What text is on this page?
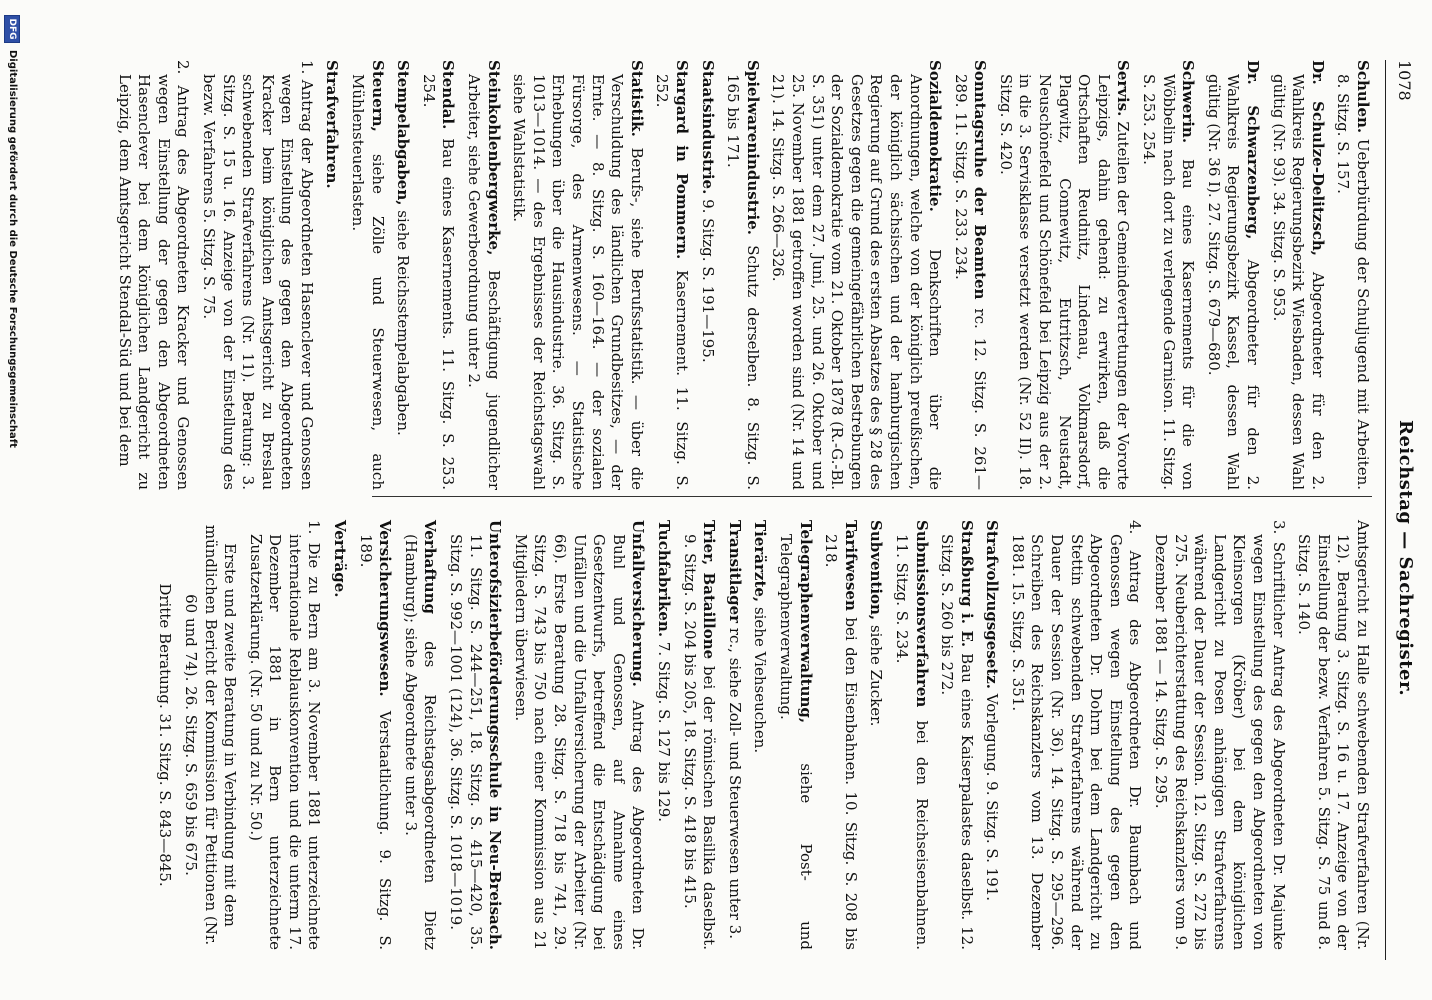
1078
Reichstag — Sachregister.

Schulen. Ueberbürdung der Schuljugend mit Arbeiten. 8. Sitzg. S. 157.

Dr. Schulze-Delitzsch, Abgeordneter für den 2. Wahlkreis Regierungsbezirk Wiesbaden, dessen Wahl gültig (Nr. 93). 34. Sitzg. S. 953.

Dr. Schwarzenberg, Abgeordneter für den 2. Wahlkreis Regierungsbezirk Kassel, dessen Wahl gültig (Nr. 36 I). 27. Sitzg. S. 679—680.

Schwerin. Bau eines Kasernements für die von Wöbbelin nach dort zu verlegende Garnison. 11. Sitzg. S. 253. 254.

Servis. Zuteilen der Gemeindevertretungen der Vororte Leipzigs, dahin gehend: zu erwirken, daß die Ortschaften Reudnitz, Lindenau, Volkmarsdorf, Plagwitz, Connewitz, Eutritzsch, Neustadt, Neuschönefeld und Schönefeld bei Leipzig aus der 2. in die 3. Servisklasse versetzt werden (Nr. 52 II). 18. Sitzg. S. 420.

Sonntagsruhe der Beamten rc. 12. Sitzg. S. 261—289. 11. Sitzg. S. 233. 234.

Sozialdemokratie. Denkschriften über die Anordnungen, welche von der königlich preußischen, der königlich sächsischen und der hamburgischen Regierung auf Grund des ersten Absatzes des § 28 des Gesetzes gegen die gemeingefährlichen Bestrebungen der Sozialdemokratie vom 21. Oktober 1878 (R.-G.-Bl. S. 351) unter dem 27. Juni, 25. und 26. Oktober und 25. November 1881 getroffen worden sind (Nr. 14 und 21). 14. Sitzg. S. 266—326.

Spielwarenindustrie. Schutz derselben. 8. Sitzg. S. 165 bis 171.

Staatsindustrie. 9. Sitzg. S. 191—195.

Stargard in Pommern. Kasernement. 11. Sitzg. S. 252.

Statistik. Berufs-, siehe Berufsstatistik. — über die Verschuldung des ländlichen Grundbesitzes, — der Ernte. — 8. Sitzg. S. 160—164. — der sozialen Fürsorge, des Armenwesens. — Statistische Erhebungen über die Hausindustrie. 36. Sitzg. S. 1013—1014. — des Ergebnisses der Reichstagswahl siehe Wahlstatistik.

Steinkohlenbergwerke, Beschäftigung jugendlicher Arbeiter, siehe Gewerbeordnung unter 2.

Stendal. Bau eines Kasernements. 11. Sitzg. S. 253. 254.

Stempelabgaben, siehe Reichsstempelabgaben.

Steuern, siehe Zölle und Steuerwesen, auch Mühlensteuerlasten.

Strafverfahren.

1. Antrag der Abgeordneten Hasenclever und Genossen wegen Einstellung des gegen den Abgeordneten Kracker beim königlichen Amtsgericht zu Breslau schwebenden Strafverfahrens (Nr. 11). Beratung: 3. Sitzg. S. 15 u. 16. Anzeige von der Einstellung des bezw. Verfahrens 5. Sitzg. S. 75.

2. Antrag des Abgeordneten Kracker und Genossen wegen Einstellung der gegen den Abgeordneten Hasenclever bei dem königlichen Landgericht zu Leipzig, dem Amtsgericht Stendal-Süd und bei dem

Amtsgericht zu Halle schwebenden Strafverfahren (Nr. 12). Beratung 3. Sitzg. S. 16 u. 17. Anzeige von der Einstellung der bezw. Verfahren 5. Sitzg. S. 75 und 8. Sitzg. S. 140.

3. Schriftlicher Antrag des Abgeordneten Dr. Majunke wegen Einstellung des gegen den Abgeordneten von Kleinsorgen (Kröber) bei dem königlichen Landgericht zu Posen anhängigen Strafverfahrens während der Dauer der Session. 12. Sitzg. S. 272 bis 275. Neuberichterstattung des Reichskanzlers vom 9. Dezember 1881 — 14. Sitzg. S. 295.

4. Antrag des Abgeordneten Dr. Baumbach und Genossen wegen Einstellung des gegen den Abgeordneten Dr. Dohrn bei dem Landgericht zu Stettin schwebenden Strafverfahrens während der Dauer der Session (Nr. 36). 14. Sitzg. S. 295—296. Schreiben des Reichskanzlers vom 13. Dezember 1881. 15. Sitzg. S. 351.

Strafvollzugsgesetz. Vorlegung. 9. Sitzg. S. 191.

Straßburg i. E. Bau eines Kaiserpalastes daselbst. 12. Sitzg. S. 260 bis 272.

Submissionsverfahren bei den Reichseisenbahnen. 11. Sitzg. S. 234.

Subvention, siehe Zucker.

Tarifwesen bei den Eisenbahnen. 10. Sitzg. S. 208 bis 218.

Telegraphenverwaltung, siehe Post- und Telegraphenverwaltung.

Tierärzte, siehe Viehseuchen.

Transitlager rc., siehe Zoll- und Steuerwesen unter 3.

Trier, Bataillone bei der römischen Basilika daselbst. 9. Sitzg. S. 204 bis 205, 18. Sitzg. S. 418 bis 415.

Tuchfabriken. 7. Sitzg. S. 127 bis 129.

Unfallversicherung. Antrag des Abgeordneten Dr. Buhl und Genossen, auf Annahme eines Gesetzentwurfs, betreffend die Entschädigung bei Unfällen und die Unfallversicherung der Arbeiter (Nr. 66). Erste Beratung 28. Sitzg. S. 718 bis 741, 29. Sitzg. S. 743 bis 750 nach einer Kommission aus 21 Mitgliedern überwiesen.

Unterofsizierbeförderungsschule in Neu-Breisach. 11. Sitzg. S. 244—251, 18. Sitzg. S. 415—420, 35. Sitzg. S. 992—1001 (124), 36. Sitzg. S. 1018—1019.

Verhaftung des Reichstagsabgeordneten Dietz (Hamburg); siehe Abgeordnete unter 3.

Versicherungswesen. Verstaatlichung. 9. Sitzg. S. 189.

Verträge.

1. Die zu Bern am 3. November 1881 unterzeichnete internationale Reblauskonvention und die unterm 17. Dezember 1881 in Bern unterzeichnete Zusatzerklärung. (Nr. 50 und zu Nr. 50.)

Erste und zweite Beratung in Verbindung mit dem mündlichen Bericht der Kommission für Petitionen (Nr. 60 und 74). 26. Sitzg. S. 659 bis 675.

Dritte Beratung. 31. Sitzg. S. 843—845.

DFG
Digitalisierung gefördert durch die Deutsche Forschungsgemeinschaft
